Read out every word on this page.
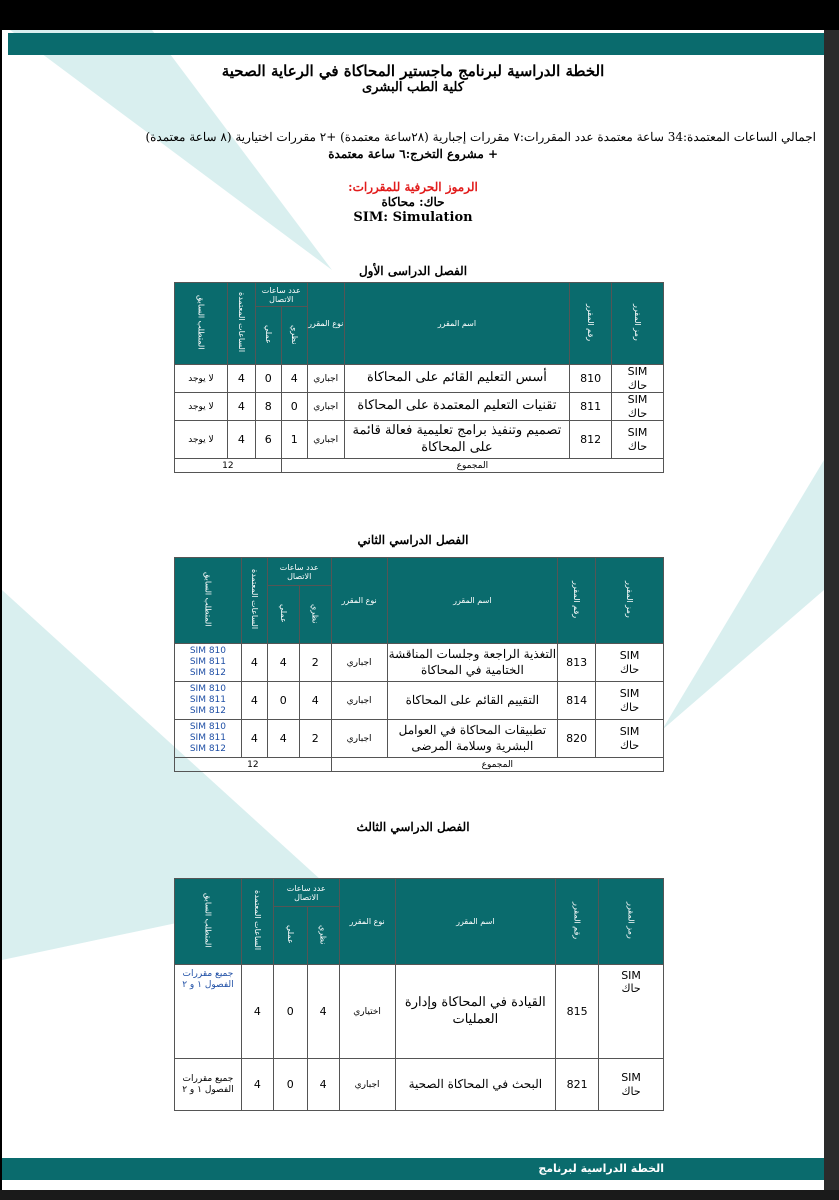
الخطة الدراسية لبرنامج ماجستير المحاكاة في الرعاية الصحية
كلية الطب البشرى
اجمالي الساعات المعتمدة:34 ساعة معتمدة عدد المقررات:٧ مقررات إجبارية (٢٨ساعة معتمدة) +٢ مقررات اختيارية (٨ ساعة معتمدة)
+ مشروع التخرج:٦ ساعة معتمدة
الرموز الحرفية للمقررات:
حاك: محاكاة
SIM: Simulation
الفصل الدراسى الأول
المتطلب السابق	الساعات المعتمدة	عدد ساعات الاتصال		نوع المقرر	اسم المقرر	رقم المقرر	رمز المقرر
		عملي	نظري				
لا يوجد	4	0	4	اجباري	أسس التعليم القائم على المحاكاة	810	SIM
حاك
لا يوجد	4	8	0	اجباري	تقنيات التعليم المعتمدة على المحاكاة	811	SIM
حاك
لا يوجد	4	6	1	اجباري	تصميم وتنفيذ برامج تعليمية فعالة قائمة على المحاكاة	812	SIM
حاك
12			المجموع				
الفصل الدراسي الثاني
المتطلب السابق	الساعات المعتمدة	عدد ساعات الاتصال		نوع المقرر	اسم المقرر	رقم المقرر	رمز المقرر
		عملي	نظري				
SIM 810
SIM 811
SIM 812	4	4	2	اجباري	التغذية الراجعة وجلسات المناقشة الختامية في المحاكاة	813	SIM
حاك
SIM 810
SIM 811
SIM 812	4	0	4	اجباري	التقييم القائم على المحاكاة	814	SIM
حاك
SIM 810
SIM 811
SIM 812	4	4	2	اجباري	تطبيقات المحاكاة في العوامل البشرية وسلامة المرضى	820	SIM
حاك
12				المجموع			
الفصل الدراسي الثالث
المتطلب السابق	الساعات المعتمدة	عدد ساعات الاتصال		نوع المقرر	اسم المقرر	رقم المقرر	رمز المقرر
		عملي	نظري				
جميع مقررات الفصول ١ و ٢	4	0	4	اختياري	القيادة في المحاكاة وإدارة العمليات	815	SIM
حاك
جميع مقررات الفصول ١ و ٢	4	0	4	اجباري	البحث في المحاكاة الصحية	821	SIM
حاك
الخطة الدراسية لبرنامج
